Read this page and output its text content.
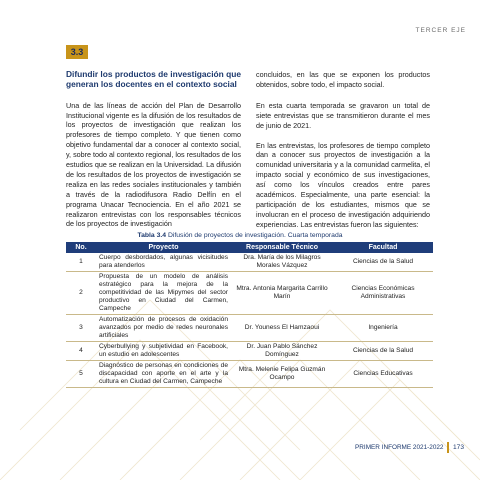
TERCER EJE
3.3
Difundir los productos de investigación que generan los docentes en el contexto social

Una de las líneas de acción del Plan de Desarrollo Institucional vigente es la difusión de los resultados de los proyectos de investigación que realizan los profesores de tiempo completo. Y que tienen como objetivo fundamental dar a conocer al contexto social, y, sobre todo al contexto regional, los resultados de los estudios que se realizan en la Universidad. La difusión de los resultados de los proyectos de investigación se realiza en las redes sociales institucionales y también a través de la radiodifusora Radio Delfín en el programa Unacar Tecnociencia. En el año 2021 se realizaron entrevistas con los responsables técnicos de los proyectos de investigación

concluidos, en las que se exponen los productos obtenidos, sobre todo, el impacto social.

En esta cuarta temporada se gravaron un total de siete entrevistas que se transmitieron durante el mes de junio de 2021.

En las entrevistas, los profesores de tiempo completo dan a conocer sus proyectos de investigación a la comunidad universitaria y a la comunidad carmelita, el impacto social y económico de sus investigaciones, así como los vínculos creados entre pares académicos. Especialmente, una parte esencial: la participación de los estudiantes, mismos que se involucran en el proceso de investigación adquiriendo experiencias. Las entrevistas fueron las siguientes:

Tabla 3.4 Difusión de proyectos de investigación. Cuarta temporada
No.	Proyecto	Responsable Técnico	Facultad
1	Cuerpo desbordados, algunas vicisitudes para atenderlos	Dra. María de los Milagros Morales Vázquez	Ciencias de la Salud
2	Propuesta de un modelo de análisis estratégico para la mejora de la competitividad de las Mipymes del sector productivo en Ciudad del Carmen, Campeche	Mtra. Antonia Margarita Carrillo Marín	Ciencias Económicas Administrativas
3	Automatización de procesos de oxidación avanzados por medio de redes neuronales artificiales	Dr. Youness El Hamzaoui	Ingeniería
4	Cyberbullying y subjetividad en Facebook, un estudio en adolescentes	Dr. Juan Pablo Sánchez Domínguez	Ciencias de la Salud
5	Diagnóstico de personas en condiciones de discapacidad con aporte en el arte y la cultura en Ciudad del Carmen, Campeche	Mtra. Melenie Felipa Guzmán Ocampo	Ciencias Educativas
PRIMER INFORME 2021-2022 173
